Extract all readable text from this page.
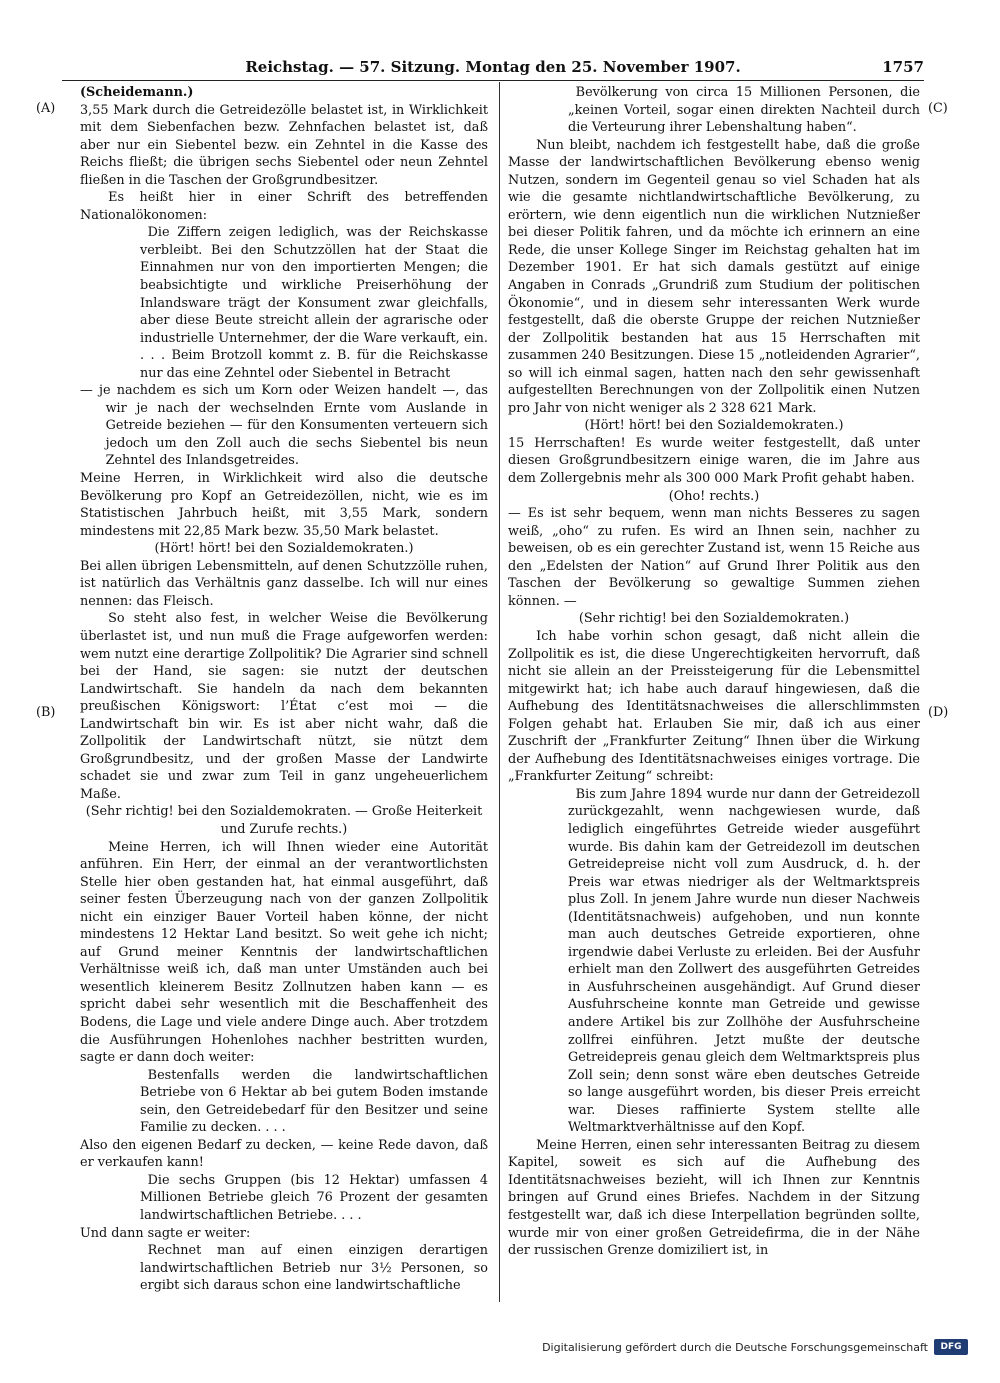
Reichstag. — 57. Sitzung. Montag den 25. November 1907.	1757
(A)
(B)
(C)
(D)

(Scheidemann.)

3,55 Mark durch die Getreidezölle belastet ist, in Wirklichkeit mit dem Siebenfachen bezw. Zehnfachen belastet ist, daß aber nur ein Siebentel bezw. ein Zehntel in die Kasse des Reichs fließt; die übrigen sechs Siebentel oder neun Zehntel fließen in die Taschen der Großgrundbesitzer.

Es heißt hier in einer Schrift des betreffenden Nationalökonomen:

Die Ziffern zeigen lediglich, was der Reichskasse verbleibt. Bei den Schutzzöllen hat der Staat die Einnahmen nur von den importierten Mengen; die beabsichtigte und wirkliche Preiserhöhung der Inlandsware trägt der Konsument zwar gleichfalls, aber diese Beute streicht allein der agrarische oder industrielle Unternehmer, der die Ware verkauft, ein. . . . Beim Brotzoll kommt z. B. für die Reichskasse nur das eine Zehntel oder Siebentel in Betracht

— je nachdem es sich um Korn oder Weizen handelt —, das wir je nach der wechselnden Ernte vom Auslande in Getreide beziehen — für den Konsumenten verteuern sich jedoch um den Zoll auch die sechs Siebentel bis neun Zehntel des Inlandsgetreides.

Meine Herren, in Wirklichkeit wird also die deutsche Bevölkerung pro Kopf an Getreidezöllen, nicht, wie es im Statistischen Jahrbuch heißt, mit 3,55 Mark, sondern mindestens mit 22,85 Mark bezw. 35,50 Mark belastet.

(Hört! hört! bei den Sozialdemokraten.)

Bei allen übrigen Lebensmitteln, auf denen Schutzzölle ruhen, ist natürlich das Verhältnis ganz dasselbe. Ich will nur eines nennen: das Fleisch.

So steht also fest, in welcher Weise die Bevölkerung überlastet ist, und nun muß die Frage aufgeworfen werden: wem nutzt eine derartige Zollpolitik? Die Agrarier sind schnell bei der Hand, sie sagen: sie nutzt der deutschen Landwirtschaft. Sie handeln da nach dem bekannten preußischen Königswort: l’État c’est moi — die Landwirtschaft bin wir. Es ist aber nicht wahr, daß die Zollpolitik der Landwirtschaft nützt, sie nützt dem Großgrundbesitz, und der großen Masse der Landwirte schadet sie und zwar zum Teil in ganz ungeheuerlichem Maße.

(Sehr richtig! bei den Sozialdemokraten. — Große Heiterkeit und Zurufe rechts.)

Meine Herren, ich will Ihnen wieder eine Autorität anführen. Ein Herr, der einmal an der verantwortlichsten Stelle hier oben gestanden hat, hat einmal ausgeführt, daß seiner festen Überzeugung nach von der ganzen Zollpolitik nicht ein einziger Bauer Vorteil haben könne, der nicht mindestens 12 Hektar Land besitzt. So weit gehe ich nicht; auf Grund meiner Kenntnis der landwirtschaftlichen Verhältnisse weiß ich, daß man unter Umständen auch bei wesentlich kleinerem Besitz Zollnutzen haben kann — es spricht dabei sehr wesentlich mit die Beschaffenheit des Bodens, die Lage und viele andere Dinge auch. Aber trotzdem die Ausführungen Hohenlohes nachher bestritten wurden, sagte er dann doch weiter:

Bestenfalls werden die landwirtschaftlichen Betriebe von 6 Hektar ab bei gutem Boden imstande sein, den Getreidebedarf für den Besitzer und seine Familie zu decken. . . .

Also den eigenen Bedarf zu decken, — keine Rede davon, daß er verkaufen kann!

Die sechs Gruppen (bis 12 Hektar) umfassen 4 Millionen Betriebe gleich 76 Prozent der gesamten landwirtschaftlichen Betriebe. . . .

Und dann sagte er weiter:

Rechnet man auf einen einzigen derartigen landwirtschaftlichen Betrieb nur 3½ Personen, so ergibt sich daraus schon eine landwirtschaftliche

Bevölkerung von circa 15 Millionen Personen, die „keinen Vorteil, sogar einen direkten Nachteil durch die Verteurung ihrer Lebenshaltung haben“.

Nun bleibt, nachdem ich festgestellt habe, daß die große Masse der landwirtschaftlichen Bevölkerung ebenso wenig Nutzen, sondern im Gegenteil genau so viel Schaden hat als wie die gesamte nichtlandwirtschaftliche Bevölkerung, zu erörtern, wie denn eigentlich nun die wirklichen Nutznießer bei dieser Politik fahren, und da möchte ich erinnern an eine Rede, die unser Kollege Singer im Reichstag gehalten hat im Dezember 1901. Er hat sich damals gestützt auf einige Angaben in Conrads „Grundriß zum Studium der politischen Ökonomie“, und in diesem sehr interessanten Werk wurde festgestellt, daß die oberste Gruppe der reichen Nutznießer der Zollpolitik bestanden hat aus 15 Herrschaften mit zusammen 240 Besitzungen. Diese 15 „notleidenden Agrarier“, so will ich einmal sagen, hatten nach den sehr gewissenhaft aufgestellten Berechnungen von der Zollpolitik einen Nutzen pro Jahr von nicht weniger als 2 328 621 Mark.

(Hört! hört! bei den Sozialdemokraten.)

15 Herrschaften! Es wurde weiter festgestellt, daß unter diesen Großgrundbesitzern einige waren, die im Jahre aus dem Zollergebnis mehr als 300 000 Mark Profit gehabt haben.

(Oho! rechts.)

— Es ist sehr bequem, wenn man nichts Besseres zu sagen weiß, „oho“ zu rufen. Es wird an Ihnen sein, nachher zu beweisen, ob es ein gerechter Zustand ist, wenn 15 Reiche aus den „Edelsten der Nation“ auf Grund Ihrer Politik aus den Taschen der Bevölkerung so gewaltige Summen ziehen können. —

(Sehr richtig! bei den Sozialdemokraten.)

Ich habe vorhin schon gesagt, daß nicht allein die Zollpolitik es ist, die diese Ungerechtigkeiten hervorruft, daß nicht sie allein an der Preissteigerung für die Lebensmittel mitgewirkt hat; ich habe auch darauf hingewiesen, daß die Aufhebung des Identitätsnachweises die allerschlimmsten Folgen gehabt hat. Erlauben Sie mir, daß ich aus einer Zuschrift der „Frankfurter Zeitung“ Ihnen über die Wirkung der Aufhebung des Identitätsnachweises einiges vortrage. Die „Frankfurter Zeitung“ schreibt:

Bis zum Jahre 1894 wurde nur dann der Getreidezoll zurückgezahlt, wenn nachgewiesen wurde, daß lediglich eingeführtes Getreide wieder ausgeführt wurde. Bis dahin kam der Getreidezoll im deutschen Getreidepreise nicht voll zum Ausdruck, d. h. der Preis war etwas niedriger als der Weltmarktspreis plus Zoll. In jenem Jahre wurde nun dieser Nachweis (Identitätsnachweis) aufgehoben, und nun konnte man auch deutsches Getreide exportieren, ohne irgendwie dabei Verluste zu erleiden. Bei der Ausfuhr erhielt man den Zollwert des ausgeführten Getreides in Ausfuhrscheinen ausgehändigt. Auf Grund dieser Ausfuhrscheine konnte man Getreide und gewisse andere Artikel bis zur Zollhöhe der Ausfuhrscheine zollfrei einführen. Jetzt mußte der deutsche Getreidepreis genau gleich dem Weltmarktspreis plus Zoll sein; denn sonst wäre eben deutsches Getreide so lange ausgeführt worden, bis dieser Preis erreicht war. Dieses raffinierte System stellte alle Weltmarktverhältnisse auf den Kopf.

Meine Herren, einen sehr interessanten Beitrag zu diesem Kapitel, soweit es sich auf die Aufhebung des Identitätsnachweises bezieht, will ich Ihnen zur Kenntnis bringen auf Grund eines Briefes. Nachdem in der Sitzung festgestellt war, daß ich diese Interpellation begründen sollte, wurde mir von einer großen Getreidefirma, die in der Nähe der russischen Grenze domiziliert ist, in

Digitalisierung gefördert durch die Deutsche Forschungsgemeinschaft	DFG
